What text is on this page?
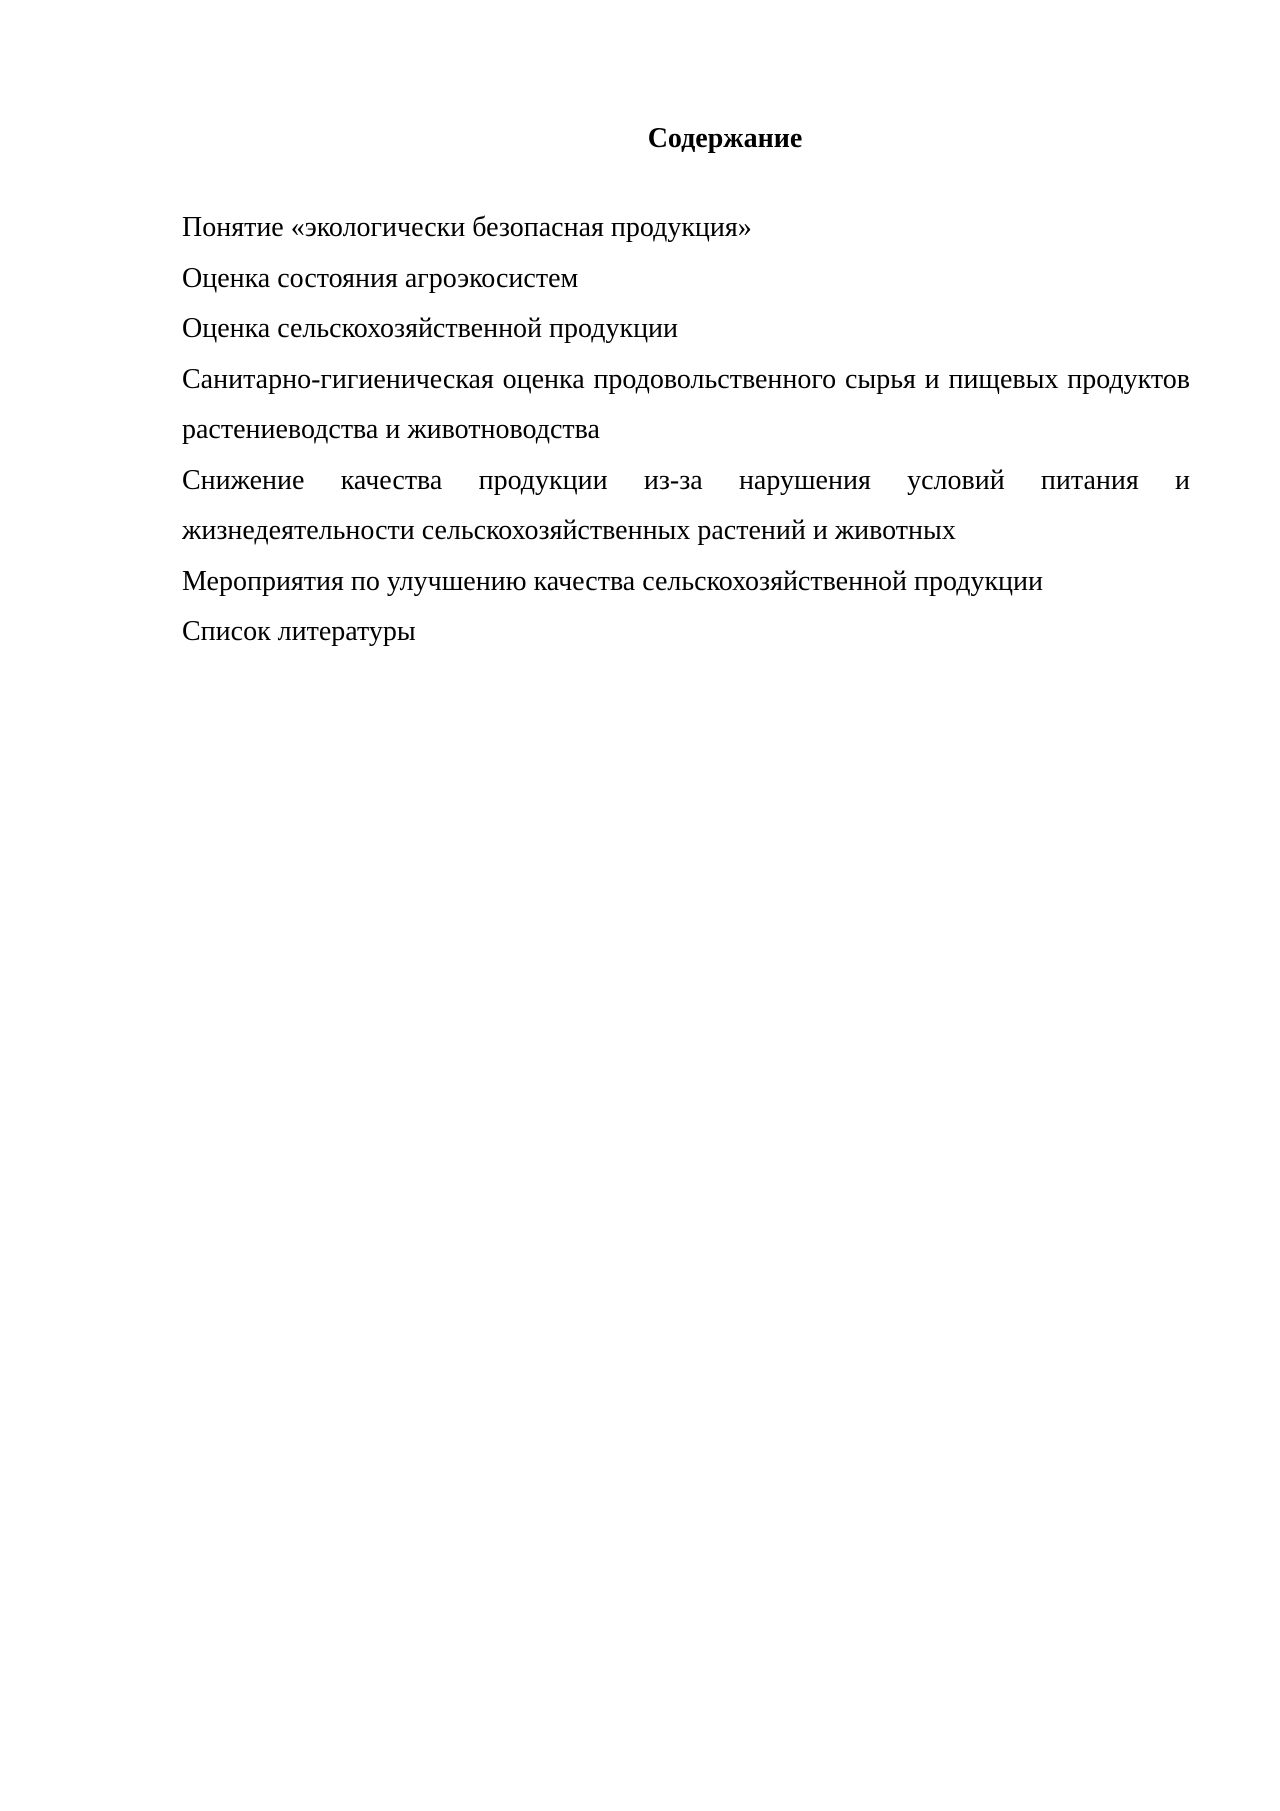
Содержание
Понятие «экологически безопасная продукция»
Оценка состояния агроэкосистем
Оценка сельскохозяйственной продукции
Санитарно-гигиеническая оценка продовольственного сырья и пищевых продуктов растениеводства и животноводства
Снижение качества продукции из-за нарушения условий питания и жизнедеятельности сельскохозяйственных растений и животных
Мероприятия по улучшению качества сельскохозяйственной продукции
Список литературы
